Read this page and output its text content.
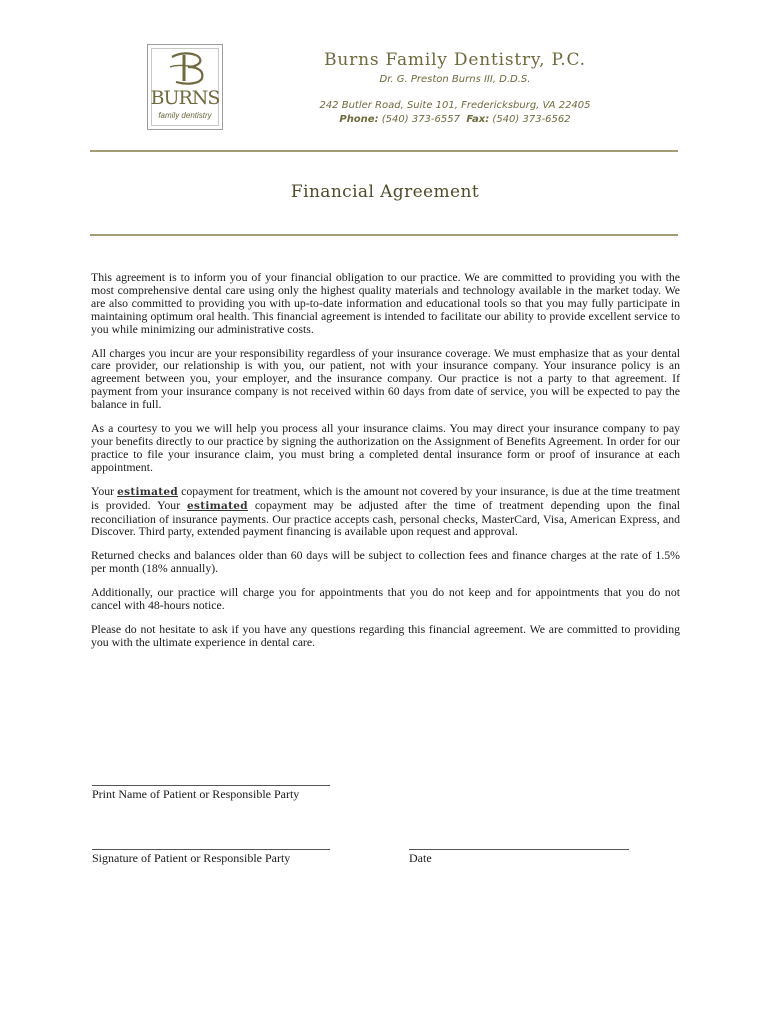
BURNS
family dentistry
Burns Family Dentistry, P.C.
Dr. G. Preston Burns III, D.D.S.
242 Butler Road, Suite 101, Fredericksburg, VA 22405
Phone: (540) 373-6557 Fax: (540) 373-6562
Financial Agreement

This agreement is to inform you of your financial obligation to our practice. We are committed to providing you with the most comprehensive dental care using only the highest quality materials and technology available in the market today. We are also committed to providing you with up-to-date information and educational tools so that you may fully participate in maintaining optimum oral health. This financial agreement is intended to facilitate our ability to provide excellent service to you while minimizing our administrative costs.

All charges you incur are your responsibility regardless of your insurance coverage. We must emphasize that as your dental care provider, our relationship is with you, our patient, not with your insurance company. Your insurance policy is an agreement between you, your employer, and the insurance company. Our practice is not a party to that agreement. If payment from your insurance company is not received within 60 days from date of service, you will be expected to pay the balance in full.

As a courtesy to you we will help you process all your insurance claims. You may direct your insurance company to pay your benefits directly to our practice by signing the authorization on the Assignment of Benefits Agreement. In order for our practice to file your insurance claim, you must bring a completed dental insurance form or proof of insurance at each appointment.

Your estimated copayment for treatment, which is the amount not covered by your insurance, is due at the time treatment is provided. Your estimated copayment may be adjusted after the time of treatment depending upon the final reconciliation of insurance payments. Our practice accepts cash, personal checks, MasterCard, Visa, American Express, and Discover. Third party, extended payment financing is available upon request and approval.

Returned checks and balances older than 60 days will be subject to collection fees and finance charges at the rate of 1.5% per month (18% annually).

Additionally, our practice will charge you for appointments that you do not keep and for appointments that you do not cancel with 48-hours notice.

Please do not hesitate to ask if you have any questions regarding this financial agreement. We are committed to providing you with the ultimate experience in dental care.

Print Name of Patient or Responsible Party
Signature of Patient or Responsible Party	Date
